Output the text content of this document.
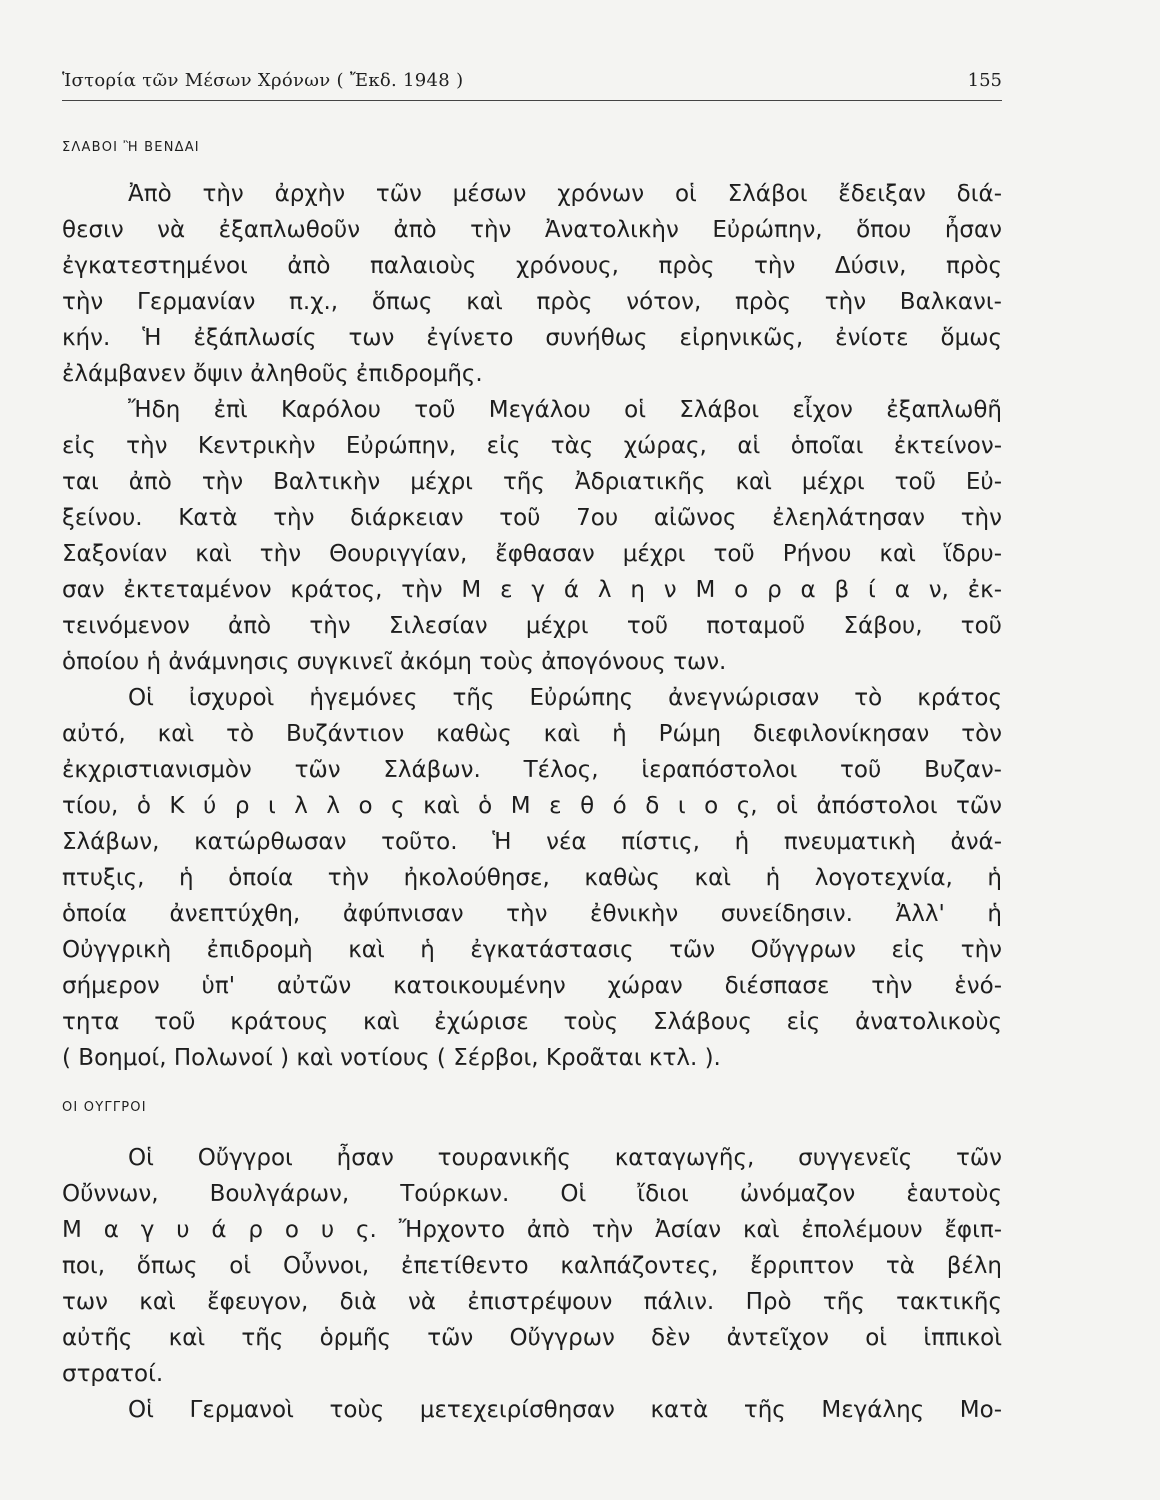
Ἱστορία τῶν Μέσων Χρόνων ( Ἔκδ. 1948 )	155
ΣΛΑΒΟΙ Ἢ ΒΕΝΔΑΙ
Ἀπὸ τὴν ἀρχὴν τῶν μέσων χρόνων οἱ Σλάβοι ἔδειξαν διά-
θεσιν νὰ ἐξαπλωθοῦν ἀπὸ τὴν Ἀνατολικὴν Εὐρώπην, ὅπου ἦσαν
ἐγκατεστημένοι ἀπὸ παλαιοὺς χρόνους, πρὸς τὴν Δύσιν, πρὸς
τὴν Γερμανίαν π.χ., ὅπως καὶ πρὸς νότον, πρὸς τὴν Βαλκανι-
κήν. Ἡ ἐξάπλωσίς των ἐγίνετο συνήθως εἰρηνικῶς, ἐνίοτε ὅμως
ἐλάμβανεν ὄψιν ἀληθοῦς ἐπιδρομῆς.
Ἤδη ἐπὶ Καρόλου τοῦ Μεγάλου οἱ Σλάβοι εἶχον ἐξαπλωθῆ
εἰς τὴν Κεντρικὴν Εὐρώπην, εἰς τὰς χώρας, αἱ ὁποῖαι ἐκτείνον-
ται ἀπὸ τὴν Βαλτικὴν μέχρι τῆς Ἀδριατικῆς καὶ μέχρι τοῦ Εὐ-
ξείνου. Κατὰ τὴν διάρκειαν τοῦ 7ου αἰῶνος ἐλεηλάτησαν τὴν
Σαξονίαν καὶ τὴν Θουριγγίαν, ἔφθασαν μέχρι τοῦ Ρήνου καὶ ἵδρυ-
σαν ἐκτεταμένον κράτος, τὴν Μ ε γ ά λ η ν Μ ο ρ α β ί α ν, ἐκ-
τεινόμενον ἀπὸ τὴν Σιλεσίαν μέχρι τοῦ ποταμοῦ Σάβου, τοῦ
ὁποίου ἡ ἀνάμνησις συγκινεῖ ἀκόμη τοὺς ἀπογόνους των.
Οἱ ἰσχυροὶ ἡγεμόνες τῆς Εὐρώπης ἀνεγνώρισαν τὸ κράτος
αὐτό, καὶ τὸ Βυζάντιον καθὼς καὶ ἡ Ρώμη διεφιλονίκησαν τὸν
ἐκχριστιανισμὸν τῶν Σλάβων. Τέλος, ἱεραπόστολοι τοῦ Βυζαν-
τίου, ὁ Κ ύ ρ ι λ λ ο ς καὶ ὁ Μ ε θ ό δ ι ο ς, οἱ ἀπόστολοι τῶν
Σλάβων, κατώρθωσαν τοῦτο. Ἡ νέα πίστις, ἡ πνευματικὴ ἀνά-
πτυξις, ἡ ὁποία τὴν ἠκολούθησε, καθὼς καὶ ἡ λογοτεχνία, ἡ
ὁποία ἀνεπτύχθη, ἀφύπνισαν τὴν ἐθνικὴν συνείδησιν. Ἀλλ' ἡ
Οὐγγρικὴ ἐπιδρομὴ καὶ ἡ ἐγκατάστασις τῶν Οὔγγρων εἰς τὴν
σήμερον ὑπ' αὐτῶν κατοικουμένην χώραν διέσπασε τὴν ἑνό-
τητα τοῦ κράτους καὶ ἐχώρισε τοὺς Σλάβους εἰς ἀνατολικοὺς
( Βοημοί, Πολωνοί ) καὶ νοτίους ( Σέρβοι, Κροᾶται κτλ. ).
ΟΙ ΟΥΓΓΡΟΙ
Οἱ Οὔγγροι ἦσαν τουρανικῆς καταγωγῆς, συγγενεῖς τῶν
Οὔννων, Βουλγάρων, Τούρκων. Οἱ ἴδιοι ὠνόμαζον ἑαυτοὺς
Μ α γ υ ά ρ ο υ ς. Ἤρχοντο ἀπὸ τὴν Ἀσίαν καὶ ἐπολέμουν ἔφιπ-
ποι, ὅπως οἱ Οὖννοι, ἐπετίθεντο καλπάζοντες, ἔρριπτον τὰ βέλη
των καὶ ἔφευγον, διὰ νὰ ἐπιστρέψουν πάλιν. Πρὸ τῆς τακτικῆς
αὐτῆς καὶ τῆς ὁρμῆς τῶν Οὔγγρων δὲν ἀντεῖχον οἱ ἱππικοὶ
στρατοί.
Οἱ Γερμανοὶ τοὺς μετεχειρίσθησαν κατὰ τῆς Μεγάλης Μο-
